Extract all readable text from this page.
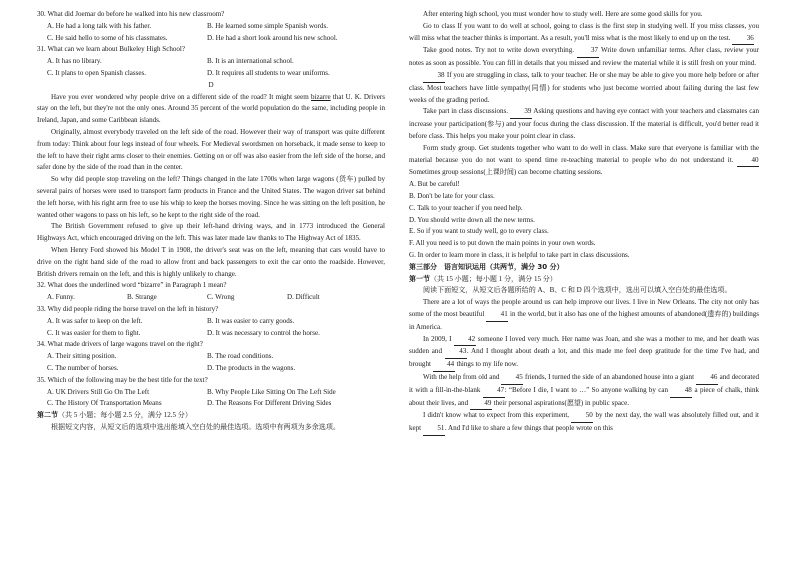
30. What did Joemar do before he walked into his new classroom?

A. He had a long talk with his father.	B. He learned some simple Spanish words.
C. He said hello to some of his classmates.	D. He had a short look around his new school.

31. What can we learn about Bulkeley High School?

A. It has no library.	B. It is an international school.
C. It plans to open Spanish classes.	D. It requires all students to wear uniforms.
D

Have you ever wondered why people drive on a different side of the road? It might seem bizarre that U. K. Drivers stay on the left, but they're not the only ones. Around 35 percent of the world population do the same, including people in Ireland, Japan, and some Caribbean islands.

Originally, almost everybody traveled on the left side of the road. However their way of transport was quite different from today: Think about four legs instead of four wheels. For Medieval swordsmen on horseback, it made sense to keep to the left to have their right arms closer to their enemies. Getting on or off was also easier from the left side of the horse, and safer done by the side of the road than in the center.

So why did people stop traveling on the left? Things changed in the late 1700s when large wagons (货车) pulled by several pairs of horses were used to transport farm products in France and the United States. The wagon driver sat behind the left horse, with his right arm free to use his whip to keep the horses moving. Since he was sitting on the left position, he wanted other wagons to pass on his left, so he kept to the right side of the road.

The British Government refused to give up their left-hand driving ways, and in 1773 introduced the General Highways Act, which encouraged driving on the left. This was later made law thanks to The Highway Act of 1835.

When Henry Ford showed his Model T in 1908, the driver's seat was on the left, meaning that cars would have to drive on the right hand side of the road to allow front and back passengers to exit the car onto the roadside. However, British drivers remain on the left, and this is highly unlikely to change.

32. What does the underlined word “bizarre” in Paragraph 1 mean?

A. Funny.	B. Strange	C. Wrong	D. Difficult

33. Why did people riding the horse travel on the left in history?

A. It was safer to keep on the left.	B. It was easier to carry goods.
C. It was easier for them to fight.	D. It was necessary to control the horse.

34. What made drivers of large wagons travel on the right?

A. Their sitting position.	B. The road conditions.
C. The number of horses.	D. The products in the wagons.

35. Which of the following may be the best title for the text?

A. UK Drivers Still Go On The Left	B. Why People Like Sitting On The Left Side
C. The History Of Transportation Means	D. The Reasons For Different Driving Sides

第二节（共 5 小题；每小题 2.5 分，满分 12.5 分）

根据短文内容，从短文后的选项中选出能填入空白处的最佳选项。选项中有两项为多余选项。

After entering high school, you must wonder how to study well. Here are some good skills for you.

Go to class If you want to do well at school, going to class is the first step in studying well. If you miss classes, you will miss what the teacher thinks is important. As a result, you'll miss what is the most likely to end up on the test. 36

Take good notes. Try not to write down everything. 37 Write down unfamiliar terms. After class, review your notes as soon as possible. You can fill in details that you missed and review the material while it is still fresh on your mind.

38 If you are struggling in class, talk to your teacher. He or she may be able to give you more help before or after class. Most teachers have little sympathy(同情) for students who just become worried about failing during the last few weeks of the grading period.

Take part in class discussions. 39 Asking questions and having eye contact with your teachers and classmates can increase your participation(参与) and your focus during the class discussion. If the material is difficult, you'd better read it before class. This helps you make your point clear in class.

Form study group. Get students together who want to do well in class. Make sure that everyone is familiar with the material because you do not want to spend time re-teaching material to people who do not understand it.	40 Sometimes group sessions(上课时间) can become chatting sessions.

A. But be careful!
B. Don't be late for your class.
C. Talk to your teacher if you need help.
D. You should write down all the new terms.
E. So if you want to study well, go to every class.
F. All you need is to put down the main points in your own words.
G. In order to learn more in class, it is helpful to take part in class discussions.

第三部分　语言知识运用（共两节，满分 30 分）

第一节（共 15 小题；每小题 1 分，满分 15 分）

阅读下面短文，从短文后各题所给的 A、B、C 和 D 四个选项中，选出可以填入空白处的最佳选项。

There are a lot of ways the people around us can help improve our lives. I live in New Orleans. The city not only has some of the most beautiful 41 in the world, but it also has one of the highest amounts of abandoned(遗弃的) buildings in America.

In 2009, I 42 someone I loved very much. Her name was Joan, and she was a mother to me, and her death was sudden and 43. And I thought about death a lot, and this made me feel deep gratitude for the time I've had, and brought 44 things to my life now.

With the help from old and 45 friends, I turned the side of an abandoned house into a giant 46 and decorated it with a fill-in-the-blank 47: “Before I die, I want to …” So anyone walking by can 48 a piece of chalk, think about their lives, and 49 their personal aspirations(愿望) in public space.

I didn't know what to expect from this experiment, 50 by the next day, the wall was absolutely filled out, and it kept 51. And I'd like to share a few things that people wrote on this
